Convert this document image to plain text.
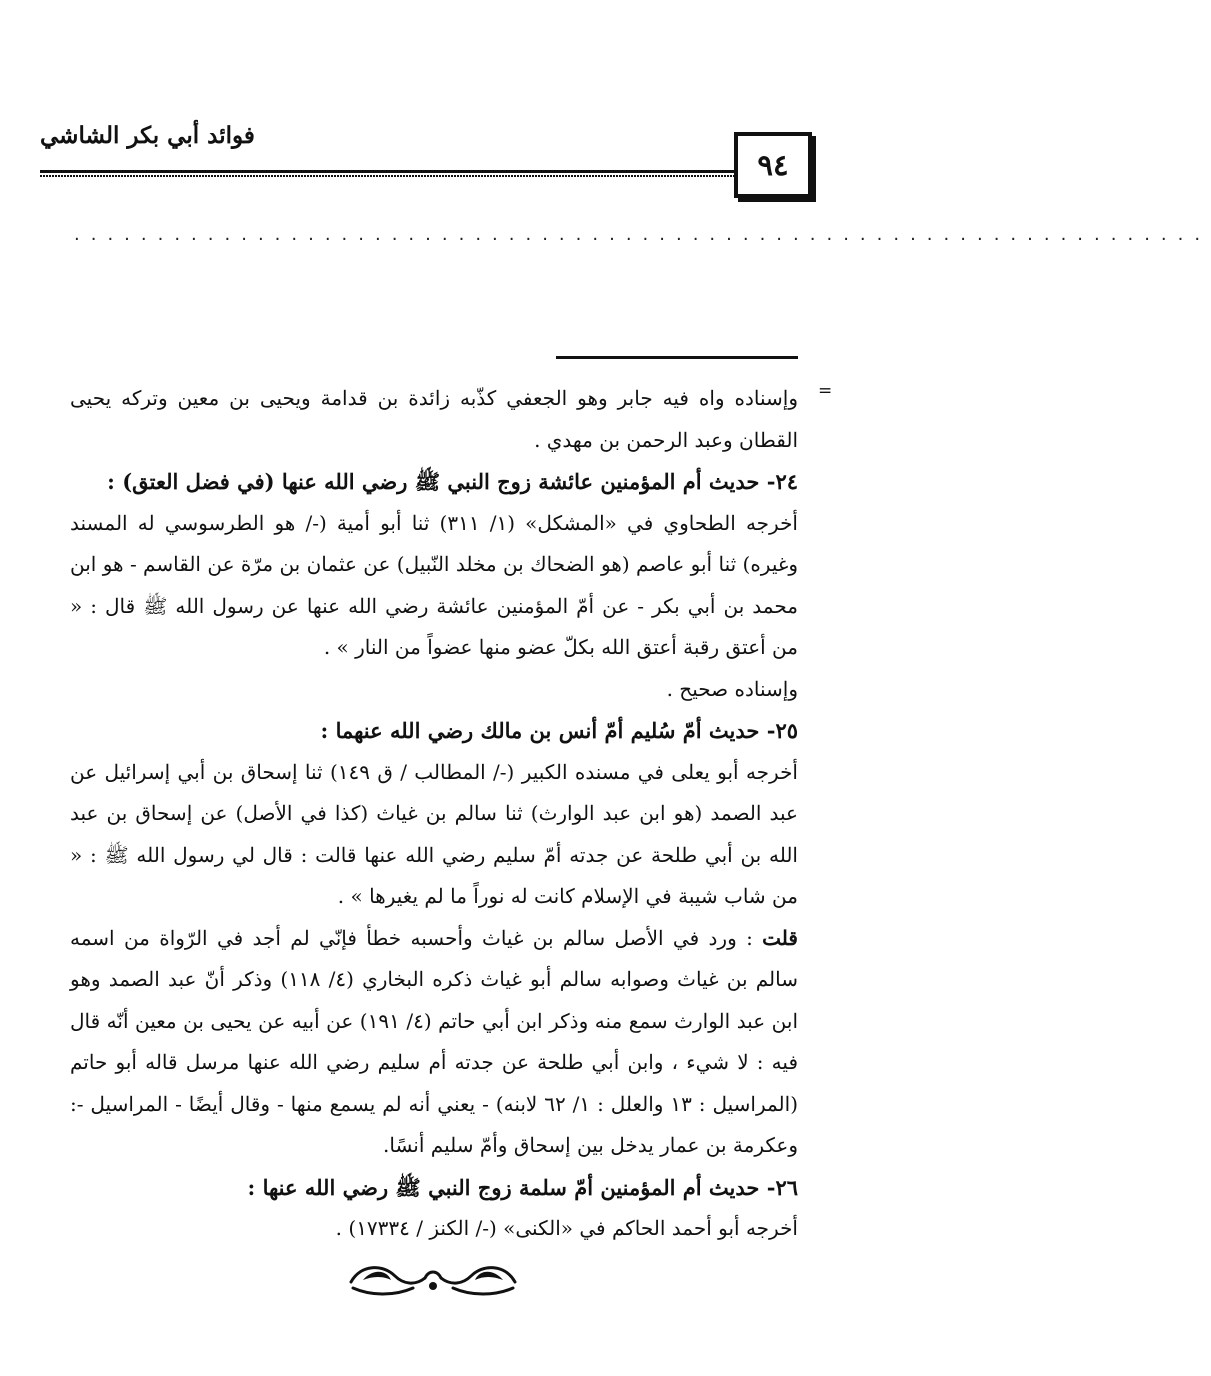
فوائد أبي بكر الشاشي
٩٤
....................................................................
=

وإسناده واه فيه جابر وهو الجعفي كذّبه زائدة بن قدامة ويحيى بن معين وتركه يحيى القطان وعبد الرحمن بن مهدي .

٢٤- حديث أم المؤمنين عائشة زوج النبي ﷺ رضي الله عنها (في فضل العتق) :

أخرجه الطحاوي في «المشكل» (١/ ٣١١) ثنا أبو أمية (-/ هو الطرسوسي له المسند وغيره) ثنا أبو عاصم (هو الضحاك بن مخلد النّبيل) عن عثمان بن مرّة عن القاسم - هو ابن محمد بن أبي بكر - عن أمّ المؤمنين عائشة رضي الله عنها عن رسول الله ﷺ قال : « من أعتق رقبة أعتق الله بكلّ عضو منها عضواً من النار » .

وإسناده صحيح .

٢٥- حديث أمّ سُليم أمّ أنس بن مالك رضي الله عنهما :

أخرجه أبو يعلى في مسنده الكبير (-/ المطالب / ق ١٤٩) ثنا إسحاق بن أبي إسرائيل عن عبد الصمد (هو ابن عبد الوارث) ثنا سالم بن غياث (كذا في الأصل) عن إسحاق بن عبد الله بن أبي طلحة عن جدته أمّ سليم رضي الله عنها قالت : قال لي رسول الله ﷺ : « من شاب شيبة في الإسلام كانت له نوراً ما لم يغيرها » .

قلت : ورد في الأصل سالم بن غياث وأحسبه خطأ فإنّي لم أجد في الرّواة من اسمه سالم بن غياث وصوابه سالم أبو غياث ذكره البخاري (٤/ ١١٨) وذكر أنّ عبد الصمد وهو ابن عبد الوارث سمع منه وذكر ابن أبي حاتم (٤/ ١٩١) عن أبيه عن يحيى بن معين أنّه قال فيه : لا شيء ، وابن أبي طلحة عن جدته أم سليم رضي الله عنها مرسل قاله أبو حاتم (المراسيل : ١٣ والعلل : ١/ ٦٢ لابنه) - يعني أنه لم يسمع منها - وقال أيضًا - المراسيل -: وعكرمة بن عمار يدخل بين إسحاق وأمّ سليم أنسًا.

٢٦- حديث أم المؤمنين أمّ سلمة زوج النبي ﷺ رضي الله عنها :

أخرجه أبو أحمد الحاكم في «الكنى» (-/ الكنز / ١٧٣٣٤) .
